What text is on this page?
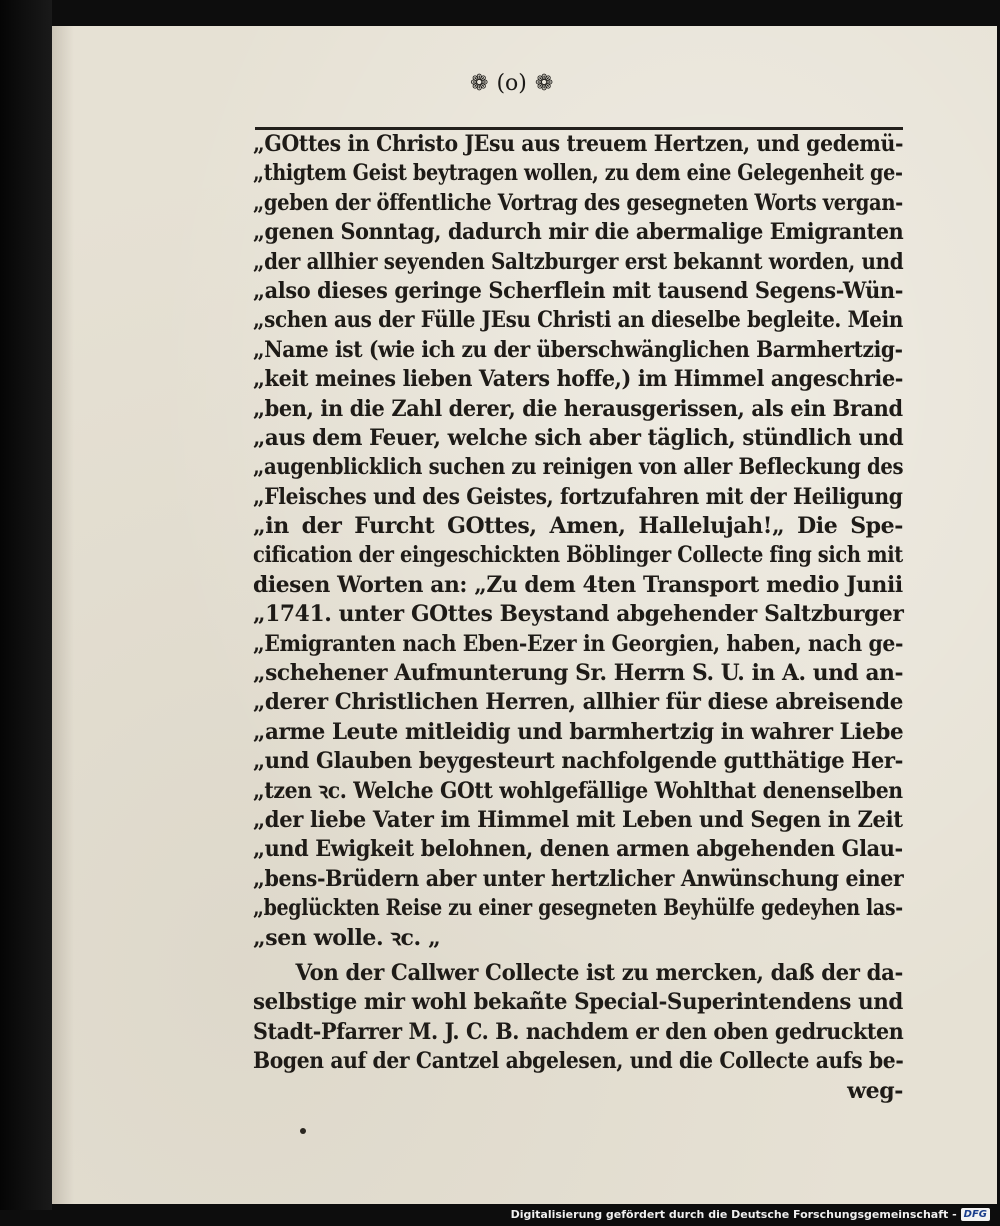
❁ (o) ❁
„GOttes in Christo JEsu aus treuem Hertzen, und gedemü-
„thigtem Geist beytragen wollen, zu dem eine Gelegenheit ge-
„geben der öffentliche Vortrag des gesegneten Worts vergan-
„genen Sonntag, dadurch mir die abermalige Emigranten
„der allhier seyenden Saltzburger erst bekannt worden, und
„also dieses geringe Scherflein mit tausend Segens-Wün-
„schen aus der Fülle JEsu Christi an dieselbe begleite. Mein
„Name ist (wie ich zu der überschwänglichen Barmhertzig-
„keit meines lieben Vaters hoffe,) im Himmel angeschrie-
„ben, in die Zahl derer, die herausgerissen, als ein Brand
„aus dem Feuer, welche sich aber täglich, stündlich und
„augenblicklich suchen zu reinigen von aller Befleckung des
„Fleisches und des Geistes, fortzufahren mit der Heiligung
„in der Furcht GOttes, Amen, Hallelujah!„ Die Spe-
cification der eingeschickten Böblinger Collecte fing sich mit
diesen Worten an: „Zu dem 4ten Transport medio Junii
„1741. unter GOttes Beystand abgehender Saltzburger
„Emigranten nach Eben-Ezer in Georgien, haben, nach ge-
„schehener Aufmunterung Sr. Herrn S. U. in A. und an-
„derer Christlichen Herren, allhier für diese abreisende
„arme Leute mitleidig und barmhertzig in wahrer Liebe
„und Glauben beygesteurt nachfolgende gutthätige Her-
„tzen ꝛc. Welche GOtt wohlgefällige Wohlthat denenselben
„der liebe Vater im Himmel mit Leben und Segen in Zeit
„und Ewigkeit belohnen, denen armen abgehenden Glau-
„bens-Brüdern aber unter hertzlicher Anwünschung einer
„beglückten Reise zu einer gesegneten Beyhülfe gedeyhen las-
„sen wolle. ꝛc. „
Von der Callwer Collecte ist zu mercken, daß der da-
selbstige mir wohl bekañte Special-Superintendens und
Stadt-Pfarrer M. J. C. B. nachdem er den oben gedruckten
Bogen auf der Cantzel abgelesen, und die Collecte aufs be-
weg-
Digitalisierung gefördert durch die Deutsche Forschungsgemeinschaft - DFG
